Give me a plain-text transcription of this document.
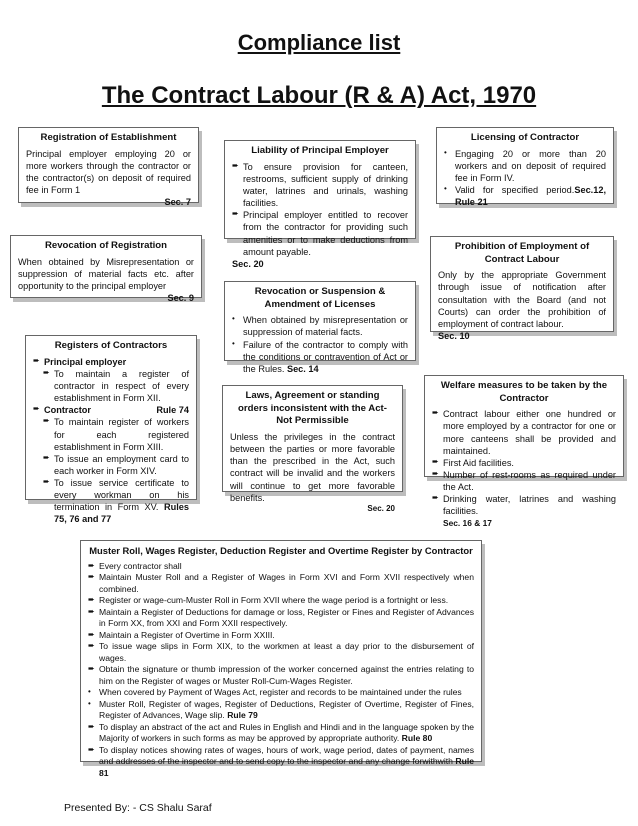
Compliance list
The Contract Labour (R & A) Act, 1970
Registration of Establishment

Principal employer employing 20 or more workers through the contractor or the contractor(s) on deposit of required fee in Form 1

Sec. 7
Liability of Principal Employer
➨ To ensure provision for canteen, restrooms, sufficient supply of drinking water, latrines and urinals, washing facilities.
➨ Principal employer entitled to recover from the contractor for providing such amenities or to make deductions from amount payable.
Sec. 20
Licensing of Contractor
• Engaging 20 or more than 20 workers and on deposit of required fee in Form IV.
• Valid for specified period.Sec.12, Rule 21
Revocation of Registration

When obtained by Misrepresentation or suppression of material facts etc. after opportunity to the principal employer

Sec. 9
Prohibition of Employment of Contract Labour

Only by the appropriate Government through issue of notification after consultation with the Board (and not Courts) can order the prohibition of employment of contract labour.

Sec. 10
Revocation or Suspension & Amendment of Licenses
• When obtained by misrepresentation or suppression of material facts.
• Failure of the contractor to comply with the conditions or contravention of Act or the Rules. Sec. 14
Registers of Contractors
➨ Principal employer
➨ To maintain a register of contractor in respect of every establishment in Form XII.
➨ Contractor	Rule 74
➨ To maintain register of workers for each registered establishment in Form XIII.
➨ To issue an employment card to each worker in Form XIV.
➨ To issue service certificate to every workman on his termination in Form XV. Rules 75, 76 and 77
Laws, Agreement or standing orders inconsistent with the Act- Not Permissible

Unless the privileges in the contract between the parties or more favorable than the prescribed in the Act, such contract will be invalid and the workers will continue to get more favorable benefits.

Sec. 20
Welfare measures to be taken by the Contractor
➨ Contract labour either one hundred or more employed by a contractor for one or more canteens shall be provided and maintained.
➨ First Aid facilities.
➨ Number of rest-rooms as required under the Act.
➨ Drinking water, latrines and washing facilities.
Sec. 16 & 17
Muster Roll, Wages Register, Deduction Register and Overtime Register by Contractor
➨ Every contractor shall
➨ Maintain Muster Roll and a Register of Wages in Form XVI and Form XVII respectively when combined.
➨ Register or wage-cum-Muster Roll in Form XVII where the wage period is a fortnight or less.
➨ Maintain a Register of Deductions for damage or loss, Register or Fines and Register of Advances in Form XX, from XXI and Form XXII respectively.
➨ Maintain a Register of Overtime in Form XXIII.
➨ To issue wage slips in Form XIX, to the workmen at least a day prior to the disbursement of wages.
➨ Obtain the signature or thumb impression of the worker concerned against the entries relating to him on the Register of wages or Muster Roll-Cum-Wages Register.
• When covered by Payment of Wages Act, register and records to be maintained under the rules
• Muster Roll, Register of wages, Register of Deductions, Register of Overtime, Register of Fines, Register of Advances, Wage slip. Rule 79
➨ To display an abstract of the act and Rules in English and Hindi and in the language spoken by the Majority of workers in such forms as may be approved by appropriate authority. Rule 80
➨ To display notices showing rates of wages, hours of work, wage period, dates of payment, names and addresses of the inspector and to send copy to the inspector and any change forwithwith Rule 81
Presented By: - CS Shalu Saraf
